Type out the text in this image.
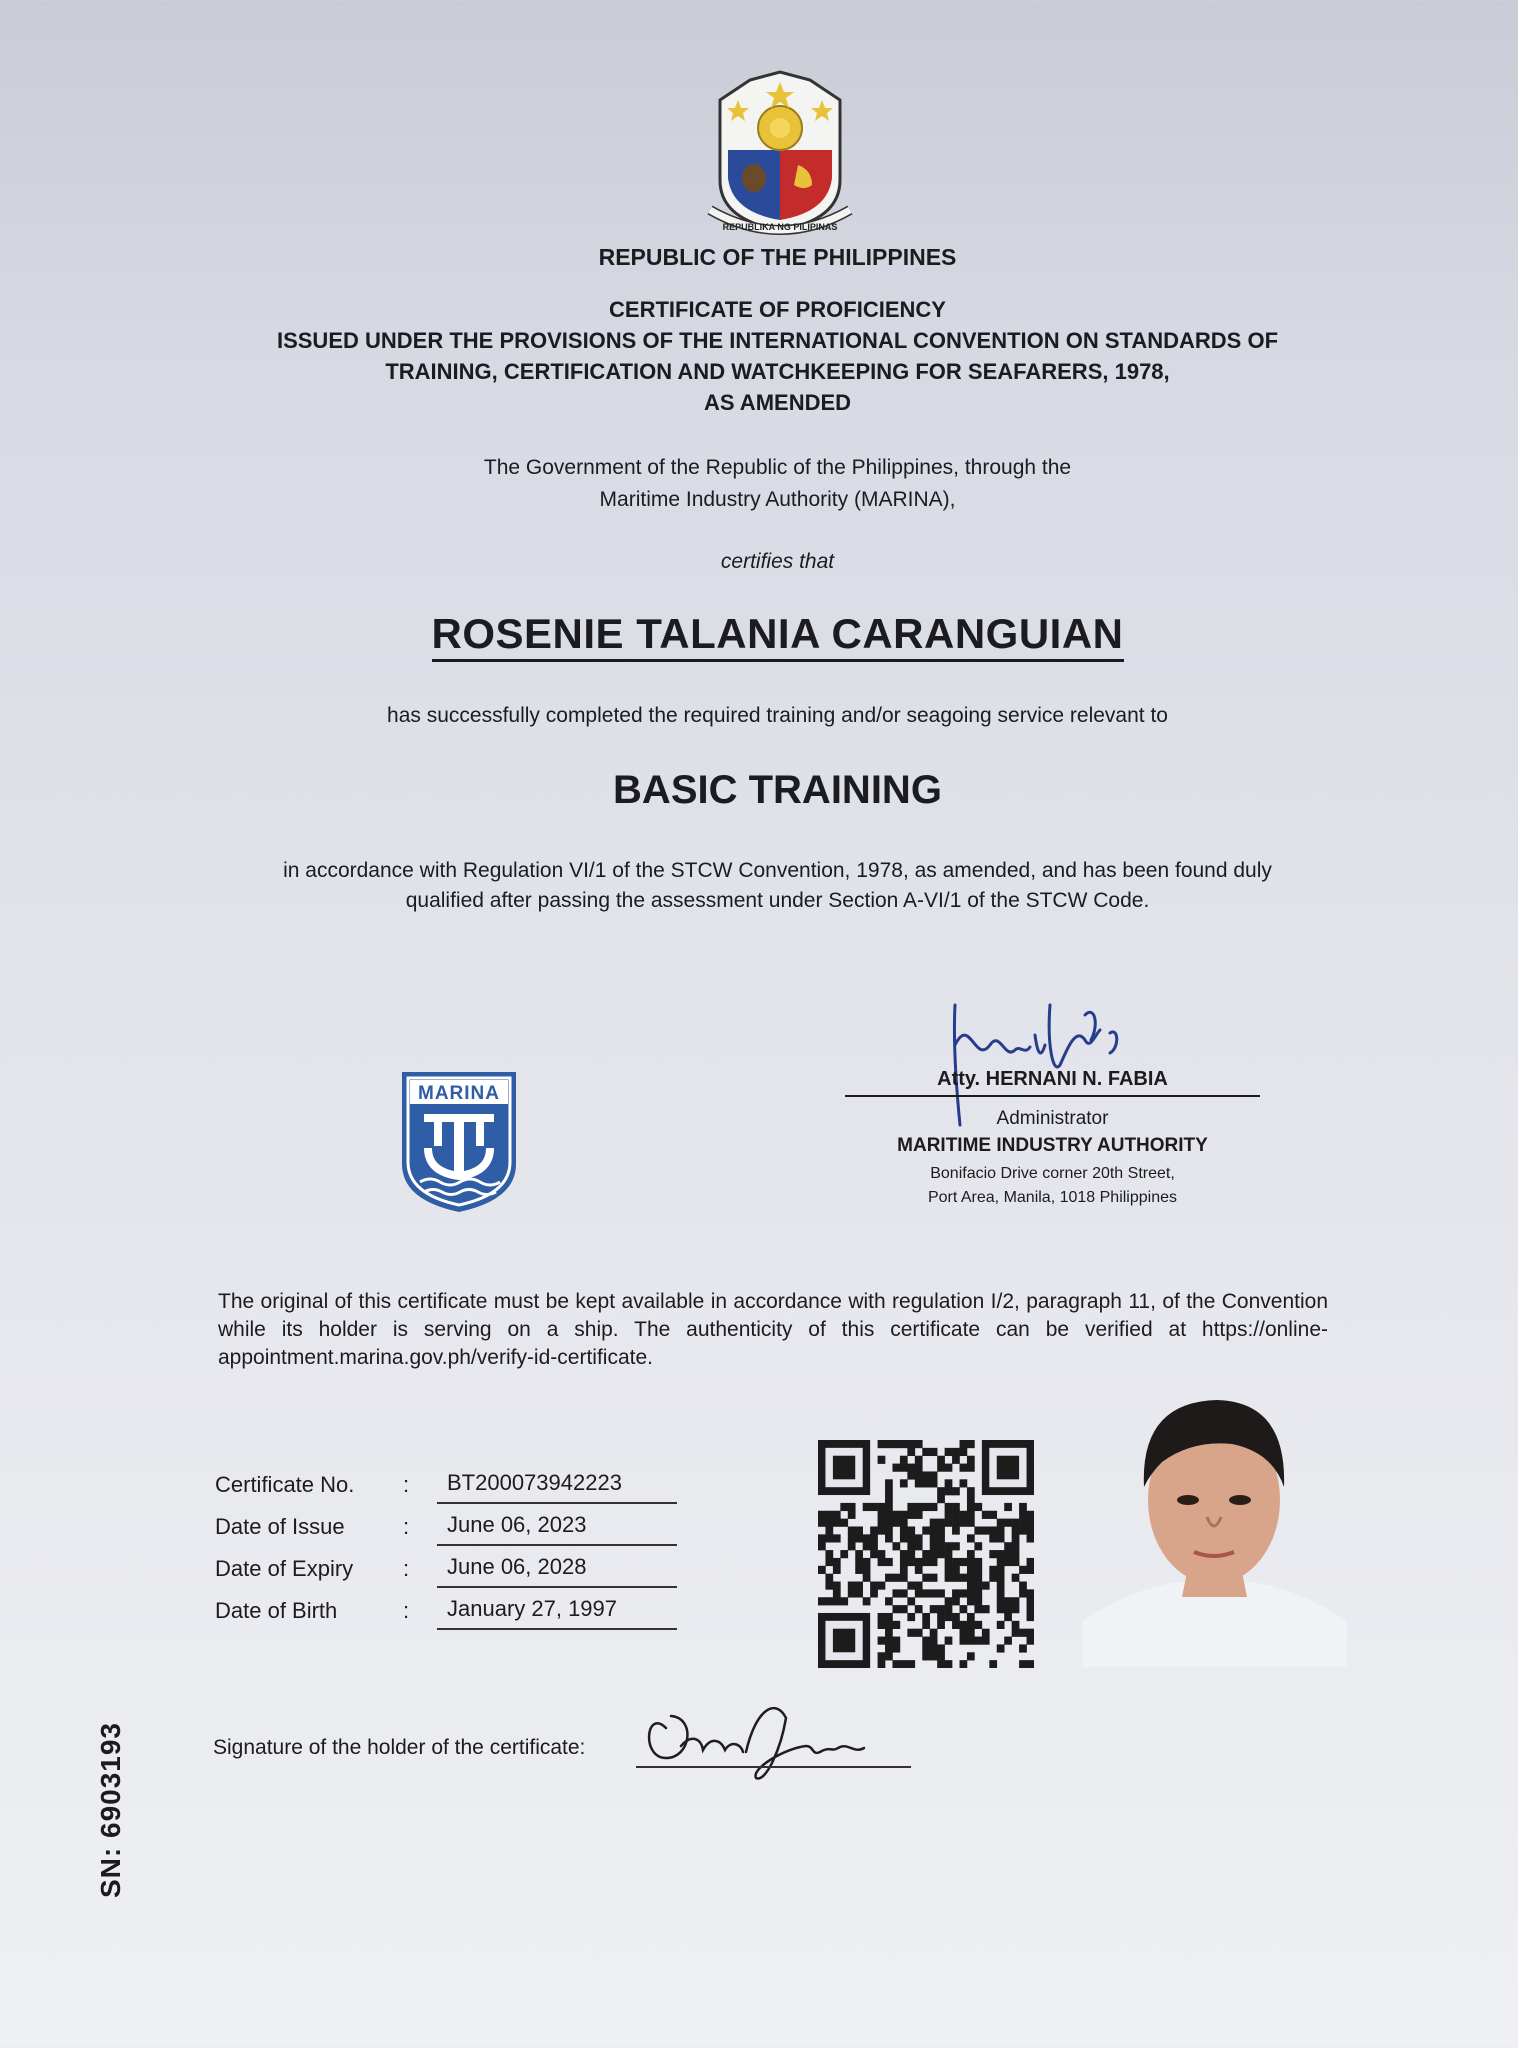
REPUBLIKA NG PILIPINAS
REPUBLIC OF THE PHILIPPINES
CERTIFICATE OF PROFICIENCY
ISSUED UNDER THE PROVISIONS OF THE INTERNATIONAL CONVENTION ON STANDARDS OF
TRAINING, CERTIFICATION AND WATCHKEEPING FOR SEAFARERS, 1978,
AS AMENDED
The Government of the Republic of the Philippines, through the
Maritime Industry Authority (MARINA),
certifies that
ROSENIE TALANIA CARANGUIAN
has successfully completed the required training and/or seagoing service relevant to
BASIC TRAINING
in accordance with Regulation VI/1 of the STCW Convention, 1978, as amended, and has been found duly
qualified after passing the assessment under Section A-VI/1 of the STCW Code.
MARINA
Atty. HERNANI N. FABIA
Administrator
MARITIME INDUSTRY AUTHORITY
Bonifacio Drive corner 20th Street,
Port Area, Manila, 1018 Philippines
The original of this certificate must be kept available in accordance with regulation I/2, paragraph 11, of the Convention while its holder is serving on a ship. The authenticity of this certificate can be verified at https://online-appointment.marina.gov.ph/verify-id-certificate.
Certificate No. :	BT200073942223
Date of Issue	:	June 06, 2023
Date of Expiry :	June 06, 2028
Date of Birth	:	January 27, 1997
Signature of the holder of the certificate:
SN: 6903193
